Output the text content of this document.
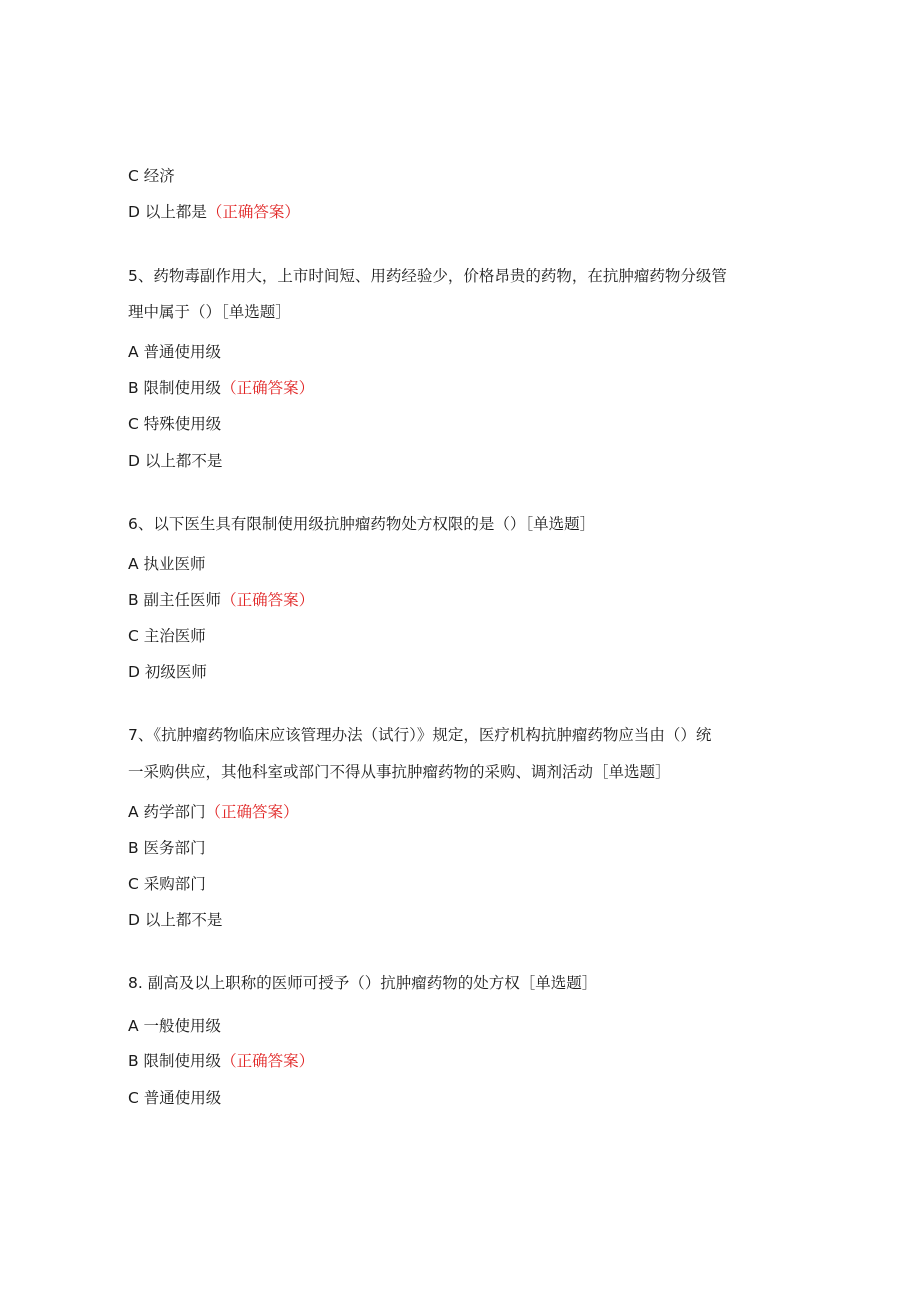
C 经济
D 以上都是（正确答案）
5、药物毒副作用大，上市时间短、用药经验少，价格昂贵的药物，在抗肿瘤药物分级管
理中属于（）［单选题］
A 普通使用级
B 限制使用级（正确答案）
C 特殊使用级
D 以上都不是
6、以下医生具有限制使用级抗肿瘤药物处方权限的是（）［单选题］
A 执业医师
B 副主任医师（正确答案）
C 主治医师
D 初级医师
7、《抗肿瘤药物临床应该管理办法（试行）》规定，医疗机构抗肿瘤药物应当由（）统
一采购供应，其他科室或部门不得从事抗肿瘤药物的采购、调剂活动［单选题］
A 药学部门（正确答案）
B 医务部门
C 采购部门
D 以上都不是
8. 副高及以上职称的医师可授予（）抗肿瘤药物的处方权［单选题］
A 一般使用级
B 限制使用级（正确答案）
C 普通使用级
